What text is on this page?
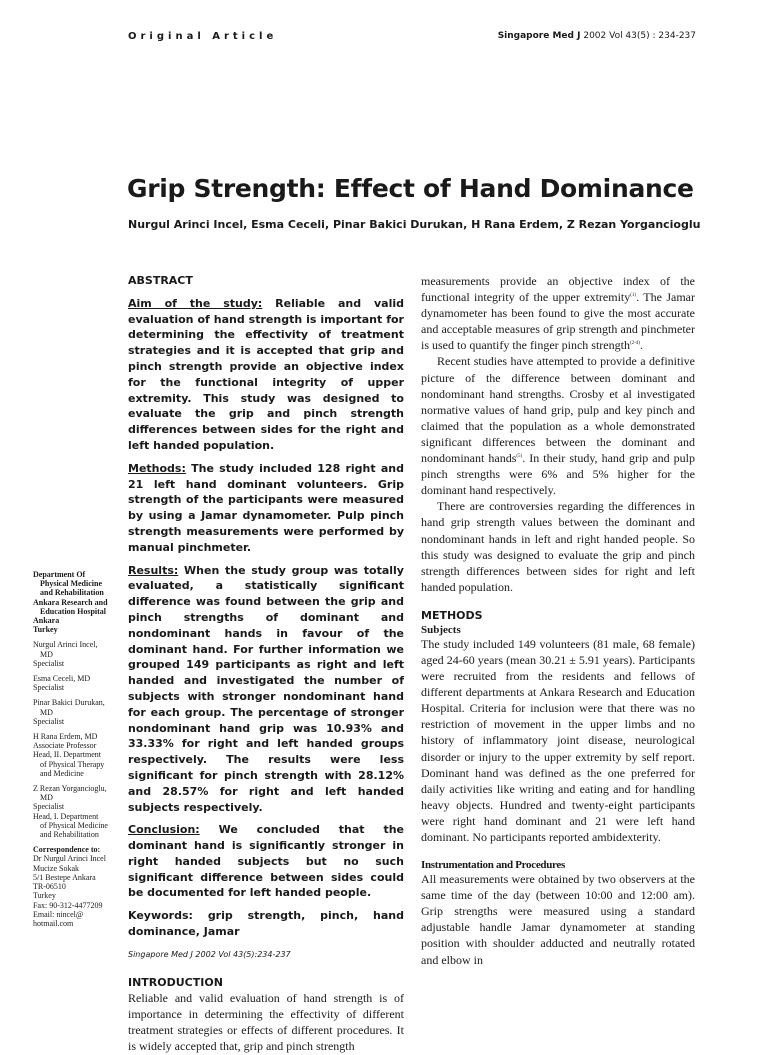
Original Article	Singapore Med J 2002 Vol 43(5) : 234-237
Grip Strength: Effect of Hand Dominance
Nurgul Arinci Incel, Esma Ceceli, Pinar Bakici Durukan, H Rana Erdem, Z Rezan Yorgancioglu

Department Of
Physical Medicine
and Rehabilitation
Ankara Research and
Education Hospital
Ankara
Turkey

Nurgul Arinci Incel,
MD
Specialist

Esma Ceceli, MD
Specialist

Pinar Bakici Durukan,
MD
Specialist

H Rana Erdem, MD
Associate Professor
Head, II. Department
of Physical Therapy
and Medicine

Z Rezan Yorgancioglu,
MD
Specialist
Head, I. Department
of Physical Medicine
and Rehabilitation

Correspondence to:
Dr Nurgul Arinci Incel
Mucize Sokak
5/1 Bestepe Ankara
TR-06510
Turkey
Fax: 90-312-4477209
Email: nincel@
hotmail.com

ABSTRACT

Aim of the study: Reliable and valid evaluation of hand strength is important for determining the effectivity of treatment strategies and it is accepted that grip and pinch strength provide an objective index for the functional integrity of upper extremity. This study was designed to evaluate the grip and pinch strength differences between sides for the right and left handed population.

Methods: The study included 128 right and 21 left hand dominant volunteers. Grip strength of the participants were measured by using a Jamar dynamometer. Pulp pinch strength measurements were performed by manual pinchmeter.

Results: When the study group was totally evaluated, a statistically significant difference was found between the grip and pinch strengths of dominant and nondominant hands in favour of the dominant hand. For further information we grouped 149 participants as right and left handed and investigated the number of subjects with stronger nondominant hand for each group. The percentage of stronger nondominant hand grip was 10.93% and 33.33% for right and left handed groups respectively. The results were less significant for pinch strength with 28.12% and 28.57% for right and left handed subjects respectively.

Conclusion: We concluded that the dominant hand is significantly stronger in right handed subjects but no such significant difference between sides could be documented for left handed people.

Keywords: grip strength, pinch, hand dominance, Jamar

Singapore Med J 2002 Vol 43(5):234-237
INTRODUCTION

Reliable and valid evaluation of hand strength is of importance in determining the effectivity of different treatment strategies or effects of different procedures. It is widely accepted that, grip and pinch strength

measurements provide an objective index of the functional integrity of the upper extremity$^{(1)}$. The Jamar dynamometer has been found to give the most accurate and acceptable measures of grip strength and pinchmeter is used to quantify the finger pinch strength$^{(2-4)}$.

Recent studies have attempted to provide a definitive picture of the difference between dominant and nondominant hand strengths. Crosby et al investigated normative values of hand grip, pulp and key pinch and claimed that the population as a whole demonstrated significant differences between the dominant and nondominant hands$^{(5)}$. In their study, hand grip and pulp pinch strengths were 6% and 5% higher for the dominant hand respectively.

There are controversies regarding the differences in hand grip strength values between the dominant and nondominant hands in left and right handed people. So this study was designed to evaluate the grip and pinch strength differences between sides for right and left handed population.

METHODS
Subjects

The study included 149 volunteers (81 male, 68 female) aged 24-60 years (mean 30.21 ± 5.91 years). Participants were recruited from the residents and fellows of different departments at Ankara Research and Education Hospital. Criteria for inclusion were that there was no restriction of movement in the upper limbs and no history of inflammatory joint disease, neurological disorder or injury to the upper extremity by self report. Dominant hand was defined as the one preferred for daily activities like writing and eating and for handling heavy objects. Hundred and twenty-eight participants were right hand dominant and 21 were left hand dominant. No participants reported ambidexterity.

Instrumentation and Procedures

All measurements were obtained by two observers at the same time of the day (between 10:00 and 12:00 am). Grip strengths were measured using a standard adjustable handle Jamar dynamometer at standing position with shoulder adducted and neutrally rotated and elbow in
